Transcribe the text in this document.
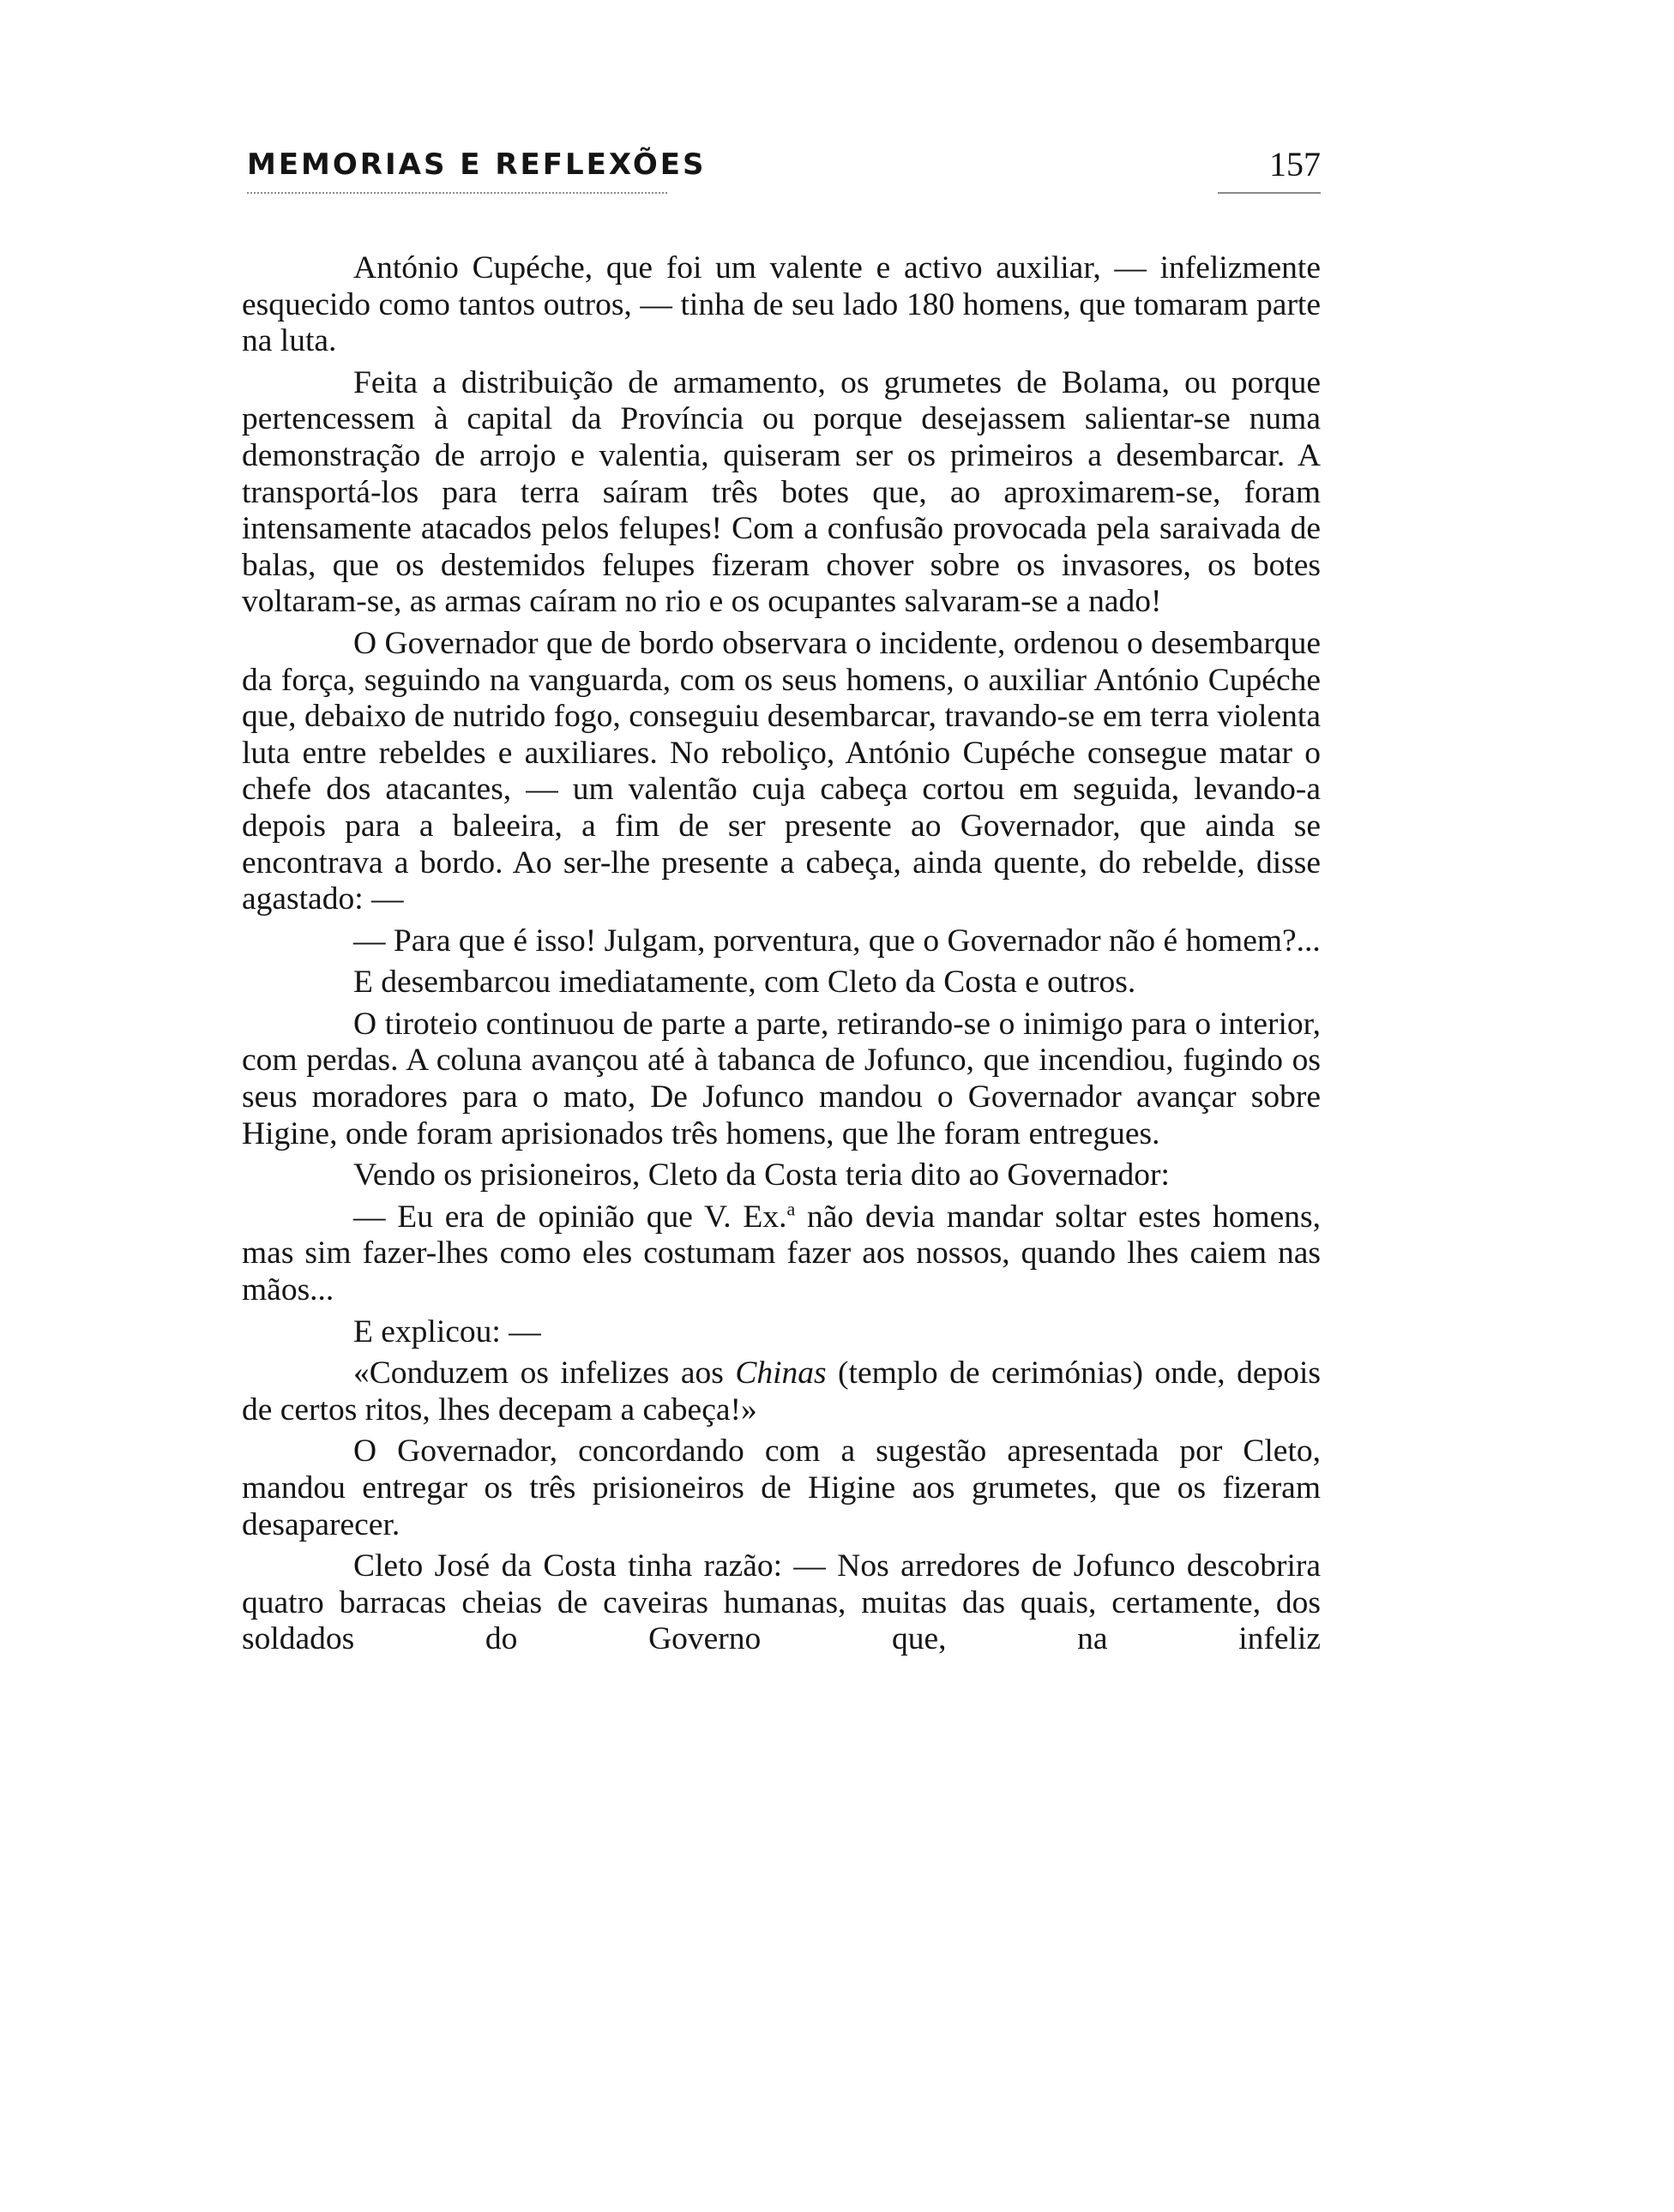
MEMORIAS E REFLEXÕES	157

António Cupéche, que foi um valente e activo auxiliar, — infelizmente esquecido como tantos outros, — tinha de seu lado 180 homens, que tomaram parte na luta.

Feita a distribuição de armamento, os grumetes de Bolama, ou porque pertencessem à capital da Província ou porque desejassem salientar-se numa demonstração de arrojo e valentia, quiseram ser os primeiros a desembarcar. A transportá-los para terra saíram três botes que, ao aproximarem-se, foram intensamente atacados pelos felupes! Com a confusão provocada pela saraivada de balas, que os destemidos felupes fizeram chover sobre os invasores, os botes voltaram-se, as armas caíram no rio e os ocupantes salvaram-se a nado!

O Governador que de bordo observara o incidente, ordenou o desembarque da força, seguindo na vanguarda, com os seus homens, o auxiliar António Cupéche que, debaixo de nutrido fogo, conseguiu desembarcar, travando-se em terra violenta luta entre rebeldes e auxiliares. No reboliço, António Cupéche consegue matar o chefe dos atacantes, — um valentão cuja cabeça cortou em seguida, levando-a depois para a baleeira, a fim de ser presente ao Governador, que ainda se encontrava a bordo. Ao ser-lhe presente a cabeça, ainda quente, do rebelde, disse agastado: —

— Para que é isso! Julgam, porventura, que o Governador não é homem?...

E desembarcou imediatamente, com Cleto da Costa e outros.

O tiroteio continuou de parte a parte, retirando-se o inimigo para o interior, com perdas. A coluna avançou até à tabanca de Jofunco, que incendiou, fugindo os seus moradores para o mato, De Jofunco mandou o Governador avançar sobre Higine, onde foram aprisionados três homens, que lhe foram entregues.

Vendo os prisioneiros, Cleto da Costa teria dito ao Governador:

— Eu era de opinião que V. Ex.$^a$ não devia mandar soltar estes homens, mas sim fazer-lhes como eles costumam fazer aos nossos, quando lhes caiem nas mãos...

E explicou: —

«Conduzem os infelizes aos Chinas (templo de cerimónias) onde, depois de certos ritos, lhes decepam a cabeça!»

O Governador, concordando com a sugestão apresentada por Cleto, mandou entregar os três prisioneiros de Higine aos grumetes, que os fizeram desaparecer.

Cleto José da Costa tinha razão: — Nos arredores de Jofunco descobrira quatro barracas cheias de caveiras humanas, muitas das quais, certamente, dos soldados do Governo que, na infeliz
